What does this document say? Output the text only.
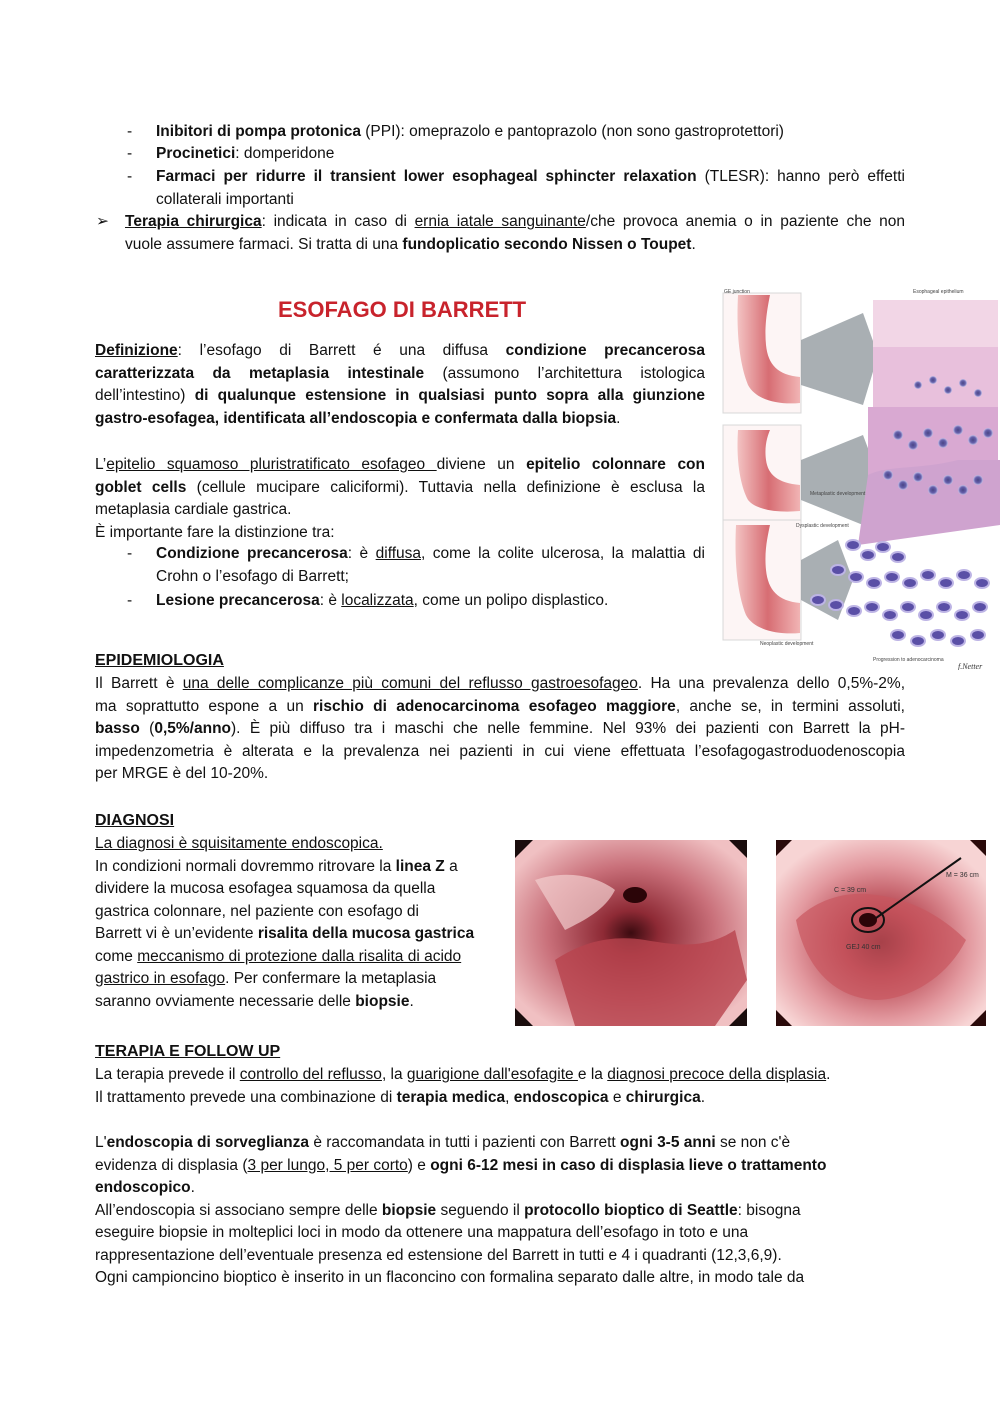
-	Inibitori di pompa protonica (PPI): omeprazolo e pantoprazolo (non sono gastroprotettori)
-	Procinetici: domperidone
-	Farmaci per ridurre il transient lower esophageal sphincter relaxation (TLESR): hanno però effetti
collaterali importanti
➢ Terapia chirurgica: indicata in caso di ernia iatale sanguinante/che provoca anemia o in paziente che non
vuole assumere farmaci. Si tratta di una fundoplicatio secondo Nissen o Toupet.
ESOFAGO DI BARRETT
Definizione: l’esofago di Barrett é una diffusa condizione precancerosa
caratterizzata da metaplasia intestinale (assumono l’architettura istologica
dell’intestino) di qualunque estensione in qualsiasi punto sopra alla giunzione
gastro-esofagea, identificata all’endoscopia e confermata dalla biopsia.
L’epitelio squamoso pluristratificato esofageo diviene un epitelio colonnare con
goblet cells (cellule mucipare caliciformi). Tuttavia nella definizione è esclusa la
metaplasia cardiale gastrica.
È importante fare la distinzione tra:
-	Condizione precancerosa: è diffusa, come la colite ulcerosa, la malattia di
Crohn o l’esofago di Barrett;
-	Lesione precancerosa: è localizzata, come un polipo displastico.
GE junction	Esophageal epithelium
Metaplastic development
Dysplastic development
Neoplastic development
Progression to adenocarcinoma
f.Netter
EPIDEMIOLOGIA
Il Barrett è una delle complicanze più comuni del reflusso gastroesofageo. Ha una prevalenza dello 0,5%-2%,
ma soprattutto espone a un rischio di adenocarcinoma esofageo maggiore, anche se, in termini assoluti,
basso (0,5%/anno). È più diffuso tra i maschi che nelle femmine. Nel 93% dei pazienti con Barrett la pH-
impedenzometria è alterata e la prevalenza nei pazienti in cui viene effettuata l’esofagogastroduodenoscopia
per MRGE è del 10-20%.
DIAGNOSI
La diagnosi è squisitamente endoscopica.
In condizioni normali dovremmo ritrovare la linea Z a
dividere la mucosa esofagea squamosa da quella
gastrica colonnare, nel paziente con esofago di
Barrett vi è un’evidente risalita della mucosa gastrica
come meccanismo di protezione dalla risalita di acido
gastrico in esofago. Per confermare la metaplasia
saranno ovviamente necessarie delle biopsie.
C = 39 cm
M = 36 cm
GEJ 40 cm
TERAPIA E FOLLOW UP
La terapia prevede il controllo del reflusso, la guarigione dall'esofagite e la diagnosi precoce della displasia.
Il trattamento prevede una combinazione di terapia medica, endoscopica e chirurgica.
L'endoscopia di sorveglianza è raccomandata in tutti i pazienti con Barrett ogni 3-5 anni se non c'è
evidenza di displasia (3 per lungo, 5 per corto) e ogni 6-12 mesi in caso di displasia lieve o trattamento
endoscopico.
All’endoscopia si associano sempre delle biopsie seguendo il protocollo bioptico di Seattle: bisogna
eseguire biopsie in molteplici loci in modo da ottenere una mappatura dell’esofago in toto e una
rappresentazione dell’eventuale presenza ed estensione del Barrett in tutti e 4 i quadranti (12,3,6,9).
Ogni campioncino bioptico è inserito in un flaconcino con formalina separato dalle altre, in modo tale da
